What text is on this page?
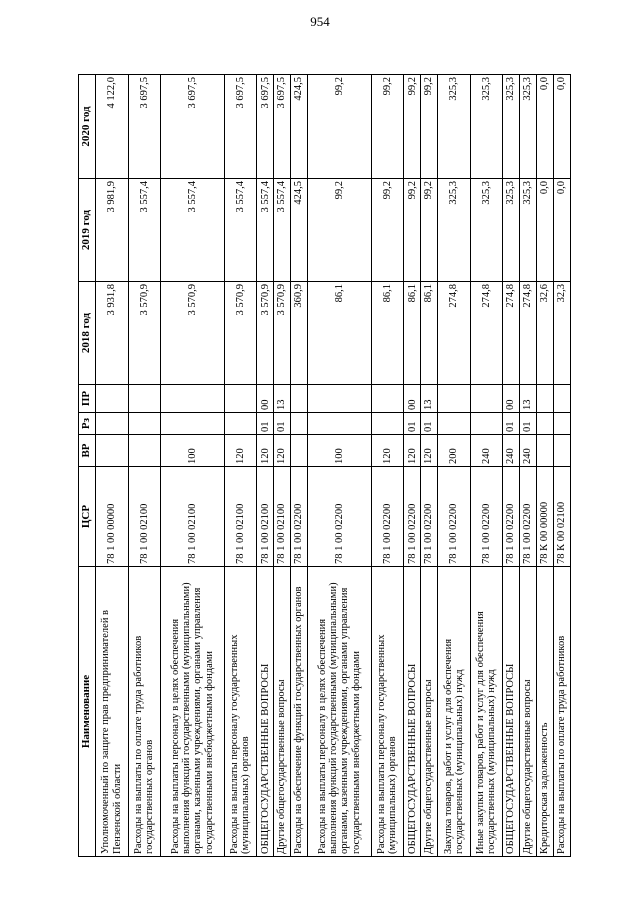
954
Наименование	ЦСР	ВР	Рз	ПР	2018 год	2019 год	2020 год
Уполномоченный по защите прав предпринимателей в Пензенской области	78 1 00 00000				3 931,8	3 981,9	4 122,0
Расходы на выплаты по оплате труда работников государственных органов	78 1 00 02100				3 570,9	3 557,4	3 697,5
Расходы на выплаты персоналу в целях обеспечения выполнения функций государственными (муниципальными) органами, казенными учреждениями, органами управления государственными внебюджетными фондами	78 1 00 02100	100			3 570,9	3 557,4	3 697,5
Расходы на выплаты персоналу государственных (муниципальных) органов	78 1 00 02100	120			3 570,9	3 557,4	3 697,5
ОБЩЕГОСУДАРСТВЕННЫЕ ВОПРОСЫ	78 1 00 02100	120	01	00	3 570,9	3 557,4	3 697,5
Другие общегосударственные вопросы	78 1 00 02100	120	01	13	3 570,9	3 557,4	3 697,5
Расходы на обеспечение функций государственных органов	78 1 00 02200				360,9	424,5	424,5
Расходы на выплаты персоналу в целях обеспечения выполнения функций государственными (муниципальными) органами, казенными учреждениями, органами управления государственными внебюджетными фондами	78 1 00 02200	100			86,1	99,2	99,2
Расходы на выплаты персоналу государственных (муниципальных) органов	78 1 00 02200	120			86,1	99,2	99,2
ОБЩЕГОСУДАРСТВЕННЫЕ ВОПРОСЫ	78 1 00 02200	120	01	00	86,1	99,2	99,2
Другие общегосударственные вопросы	78 1 00 02200	120	01	13	86,1	99,2	99,2
Закупка товаров, работ и услуг для обеспечения государственных (муниципальных) нужд	78 1 00 02200	200			274,8	325,3	325,3
Иные закупки товаров, работ и услуг для обеспечения государственных (муниципальных) нужд	78 1 00 02200	240			274,8	325,3	325,3
ОБЩЕГОСУДАРСТВЕННЫЕ ВОПРОСЫ	78 1 00 02200	240	01	00	274,8	325,3	325,3
Другие общегосударственные вопросы	78 1 00 02200	240	01	13	274,8	325,3	325,3
Кредиторская задолженность	78 К 00 00000				32,6	0,0	0,0
Расходы на выплаты по оплате труда работников	78 К 00 02100				32,3	0,0	0,0
